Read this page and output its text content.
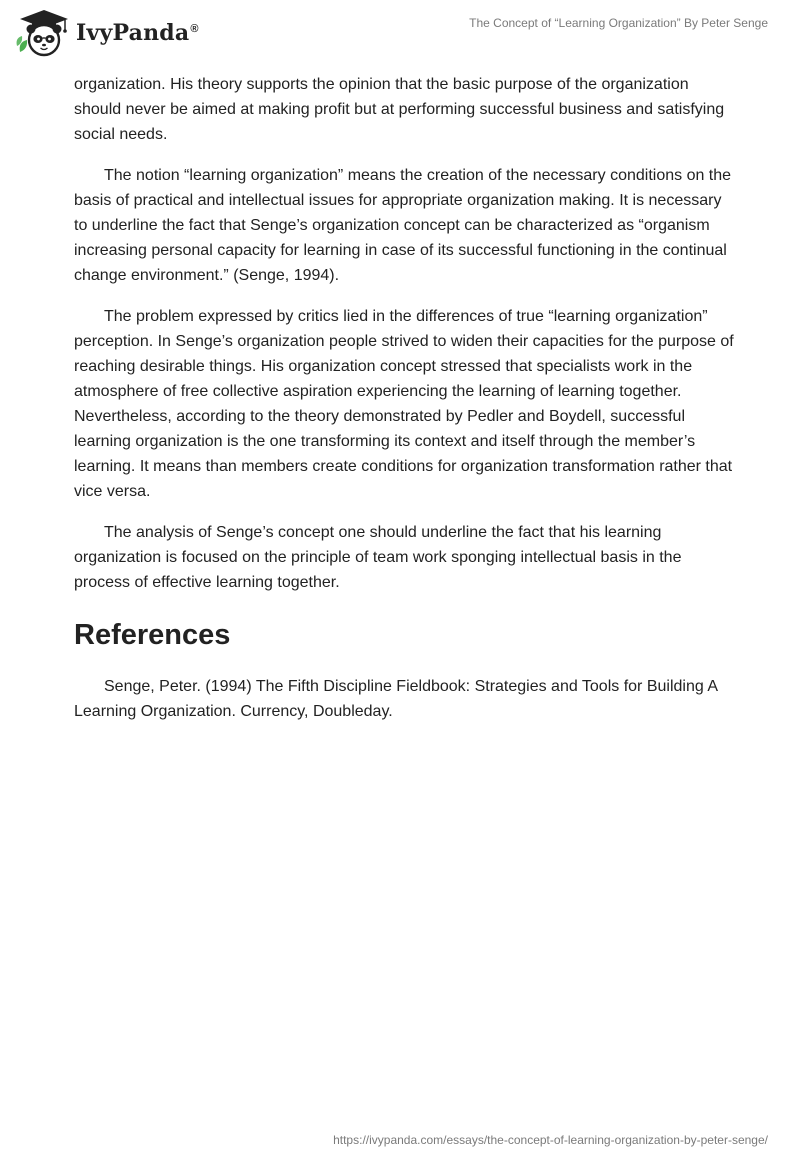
IvyPanda®	The Concept of “Learning Organization” By Peter Senge

organization. His theory supports the opinion that the basic purpose of the organization should never be aimed at making profit but at performing successful business and satisfying social needs.

The notion “learning organization” means the creation of the necessary conditions on the basis of practical and intellectual issues for appropriate organization making. It is necessary to underline the fact that Senge’s organization concept can be characterized as “organism increasing personal capacity for learning in case of its successful functioning in the continual change environment.” (Senge, 1994).

The problem expressed by critics lied in the differences of true “learning organization” perception. In Senge’s organization people strived to widen their capacities for the purpose of reaching desirable things. His organization concept stressed that specialists work in the atmosphere of free collective aspiration experiencing the learning of learning together. Nevertheless, according to the theory demonstrated by Pedler and Boydell, successful learning organization is the one transforming its context and itself through the member’s learning. It means than members create conditions for organization transformation rather that vice versa.

The analysis of Senge’s concept one should underline the fact that his learning organization is focused on the principle of team work sponging intellectual basis in the process of effective learning together.

References

Senge, Peter. (1994) The Fifth Discipline Fieldbook: Strategies and Tools for Building A Learning Organization. Currency, Doubleday.

https://ivypanda.com/essays/the-concept-of-learning-organization-by-peter-senge/
